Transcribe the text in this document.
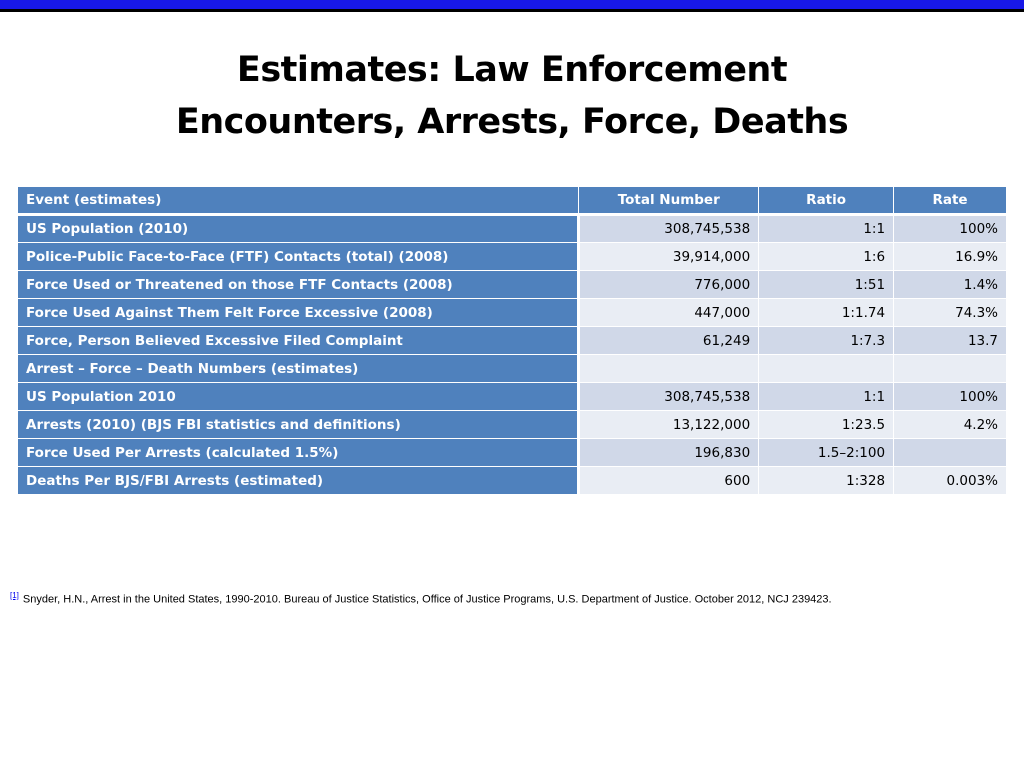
Estimates: Law Enforcement
Encounters, Arrests, Force, Deaths
Event (estimates)	Total Number	Ratio	Rate
US Population (2010)	308,745,538	1:1	100%
Police-Public Face-to-Face (FTF) Contacts (total) (2008)	39,914,000	1:6	16.9%
Force Used or Threatened on those FTF Contacts (2008)	776,000	1:51	1.4%
Force Used Against Them Felt Force Excessive (2008)	447,000	1:1.74	74.3%
Force, Person Believed Excessive Filed Complaint	61,249	1:7.3	13.7
Arrest – Force – Death Numbers (estimates)			
US Population 2010	308,745,538	1:1	100%
Arrests (2010) (BJS FBI statistics and definitions)	13,122,000	1:23.5	4.2%
Force Used Per Arrests (calculated 1.5%)	196,830	1.5–2:100	
Deaths Per BJS/FBI Arrests (estimated)	600	1:328	0.003%
[1] Snyder, H.N., Arrest in the United States, 1990-2010. Bureau of Justice Statistics, Office of Justice Programs, U.S. Department of Justice. October 2012, NCJ 239423.
